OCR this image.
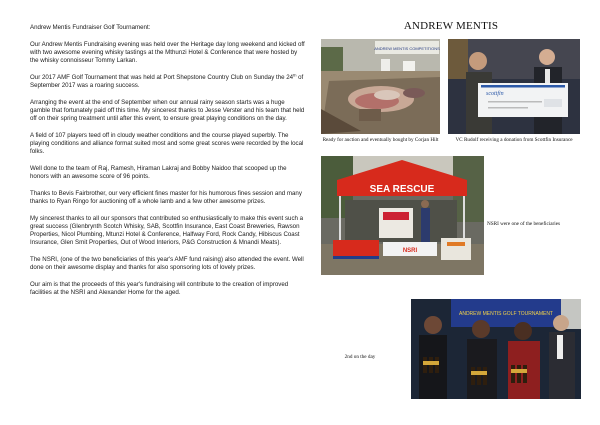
Andrew Mentis Fundraiser Golf Tournament:

Our Andrew Mentis Fundraising evening was held over the Heritage day long weekend and kicked off with two awesome evening whisky tastings at the Mthunzi Hotel & Conference that were hosted by the whisky connoisseur Tommy Larkan.

Our 2017 AMF Golf Tournament that was held at Port Shepstone Country Club on Sunday the 24th of September 2017 was a roaring success.

Arranging the event at the end of September when our annual rainy season starts was a huge gamble that fortunately paid off this time. My sincerest thanks to Jesse Verster and his team that held off on their spring treatment until after this event, to ensure great playing conditions on the day.

A field of 107 players teed off in cloudy weather conditions and the course played superbly. The playing conditions and alliance format suited most and some great scores were recorded by the local folks.

Well done to the team of Raj, Ramesh, Hiraman Lakraj and Bobby Naidoo that scooped up the honors with an awesome score of 96 points.

Thanks to Bevis Fairbrother, our very efficient fines master for his humorous fines session and many thanks to Ryan Ringo for auctioning off a whole lamb and a few other awesome prizes.

My sincerest thanks to all our sponsors that contributed so enthusiastically to make this event such a great success (Glenbrynth Scotch Whisky, SAB, Scottfin Insurance, East Coast Breweries, Rawson Properties, Nicol Plumbing, Mtunzi Hotel & Conference, Halfway Ford, Rock Candy, Hibiscus Coast Insurance, Glen Smit Properties, Out of Wood Interiors, P&G Construction & Mnandi Meats).

The NSRI, (one of the two beneficiaries of this year's AMF fund raising) also attended the event. Well done on their awesome display and thanks for also sponsoring lots of lovely prizes.

Our aim is that the proceeds of this year's fundraising will contribute to the creation of improved facilities at the NSRI and Alexander Home for the aged.

ANDREW MENTIS
ANDREW MENTIS COMPETITIONS
scottfin
Ready for auction and eventually bought by Corjan Hilt	VC Rudolf receiving a donation from Scottfin Insurance
SEA RESCUE
NSRI
NSRI were one of the beneficiaries
2nd on the day
ANDREW MENTIS GOLF TOURNAMENT
